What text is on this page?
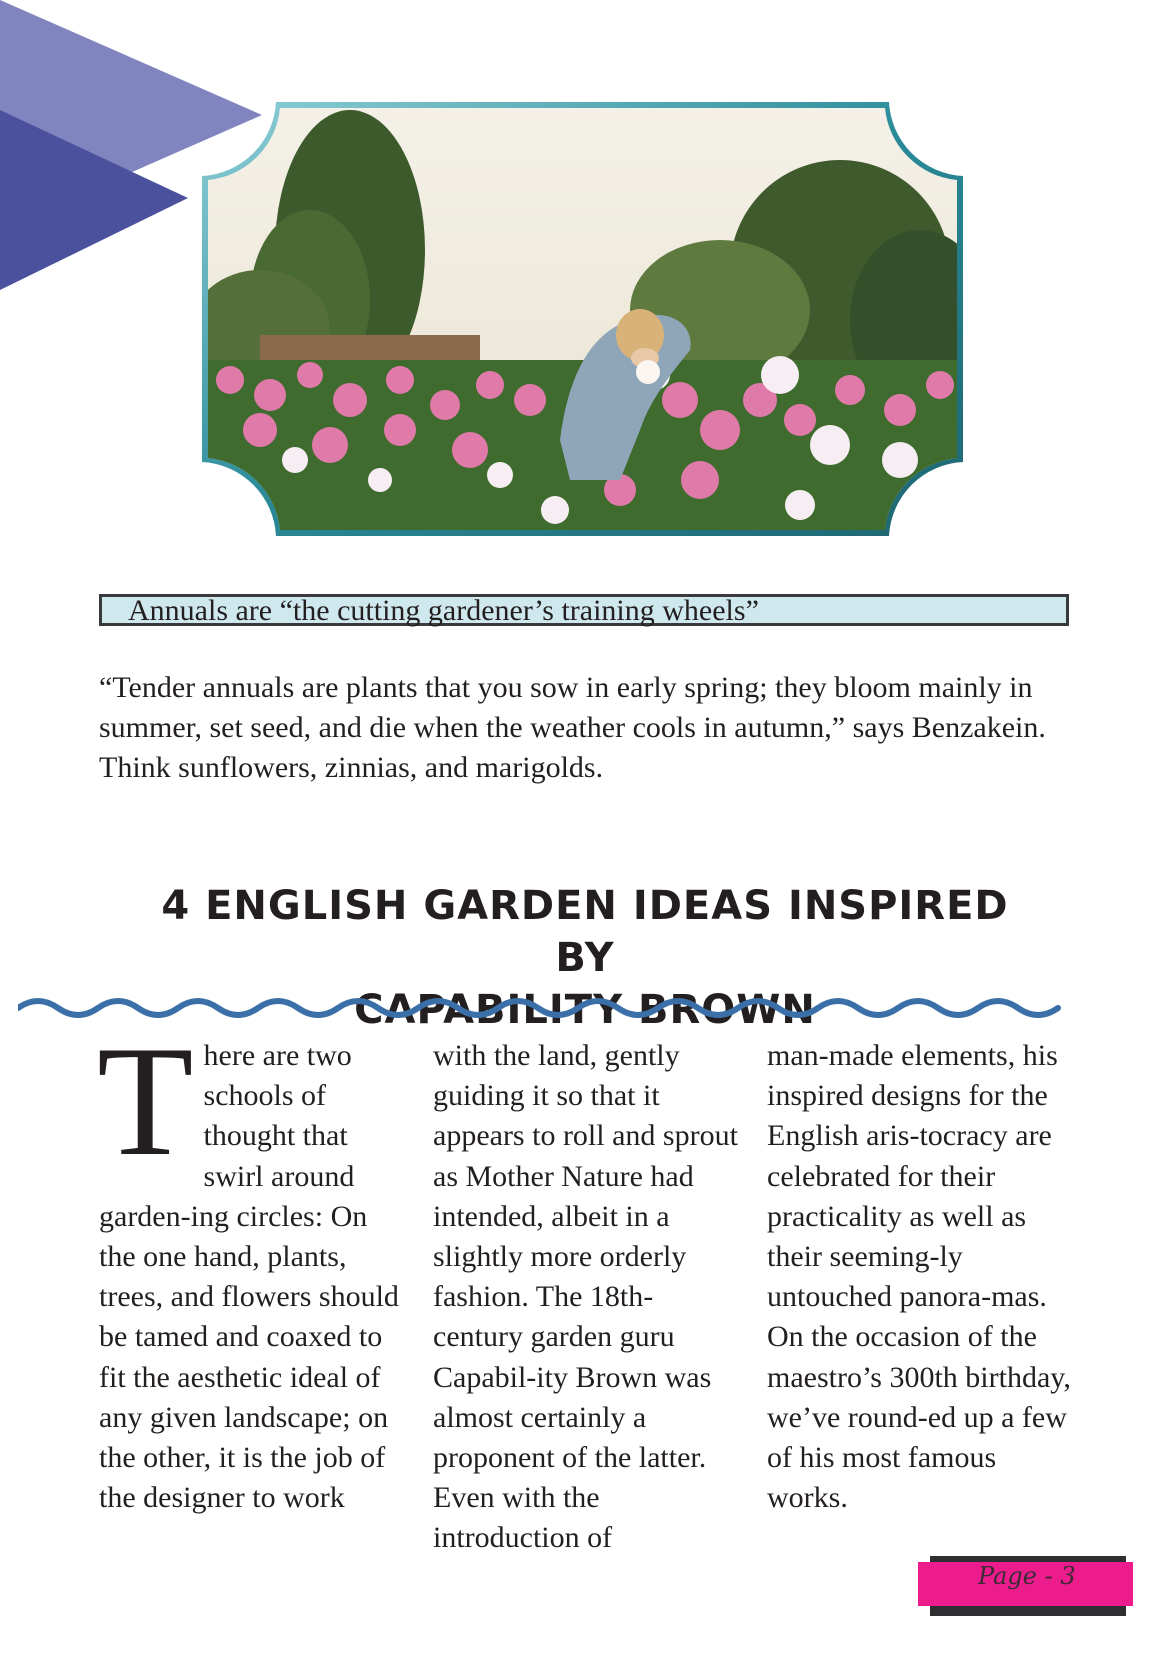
Annuals are “the cutting gardener’s training wheels”

“Tender annuals are plants that you sow in early spring; they bloom mainly in summer, set seed, and die when the weather cools in autumn,” says Benzakein. Think sunflowers, zinnias, and marigolds.

4 ENGLISH GARDEN IDEAS INSPIRED BY
CAPABILITY BROWN
There are two schools of thought that swirl around garden-ing circles: On the one hand, plants, trees, and flowers should be tamed and coaxed to fit the aesthetic ideal of any given landscape; on the other, it is the job of the designer to work
with the land, gently guiding it so that it appears to roll and sprout as Mother Nature had intended, albeit in a slightly more orderly fashion. The 18th-century garden guru Capabil-ity Brown was almost certainly a proponent of the latter. Even with the introduction of
man-made elements, his inspired designs for the English aris-tocracy are celebrated for their practicality as well as their seeming-ly untouched panora-mas. On the occasion of the maestro’s 300th birthday, we’ve round-ed up a few of his most famous works.
Page - 3
